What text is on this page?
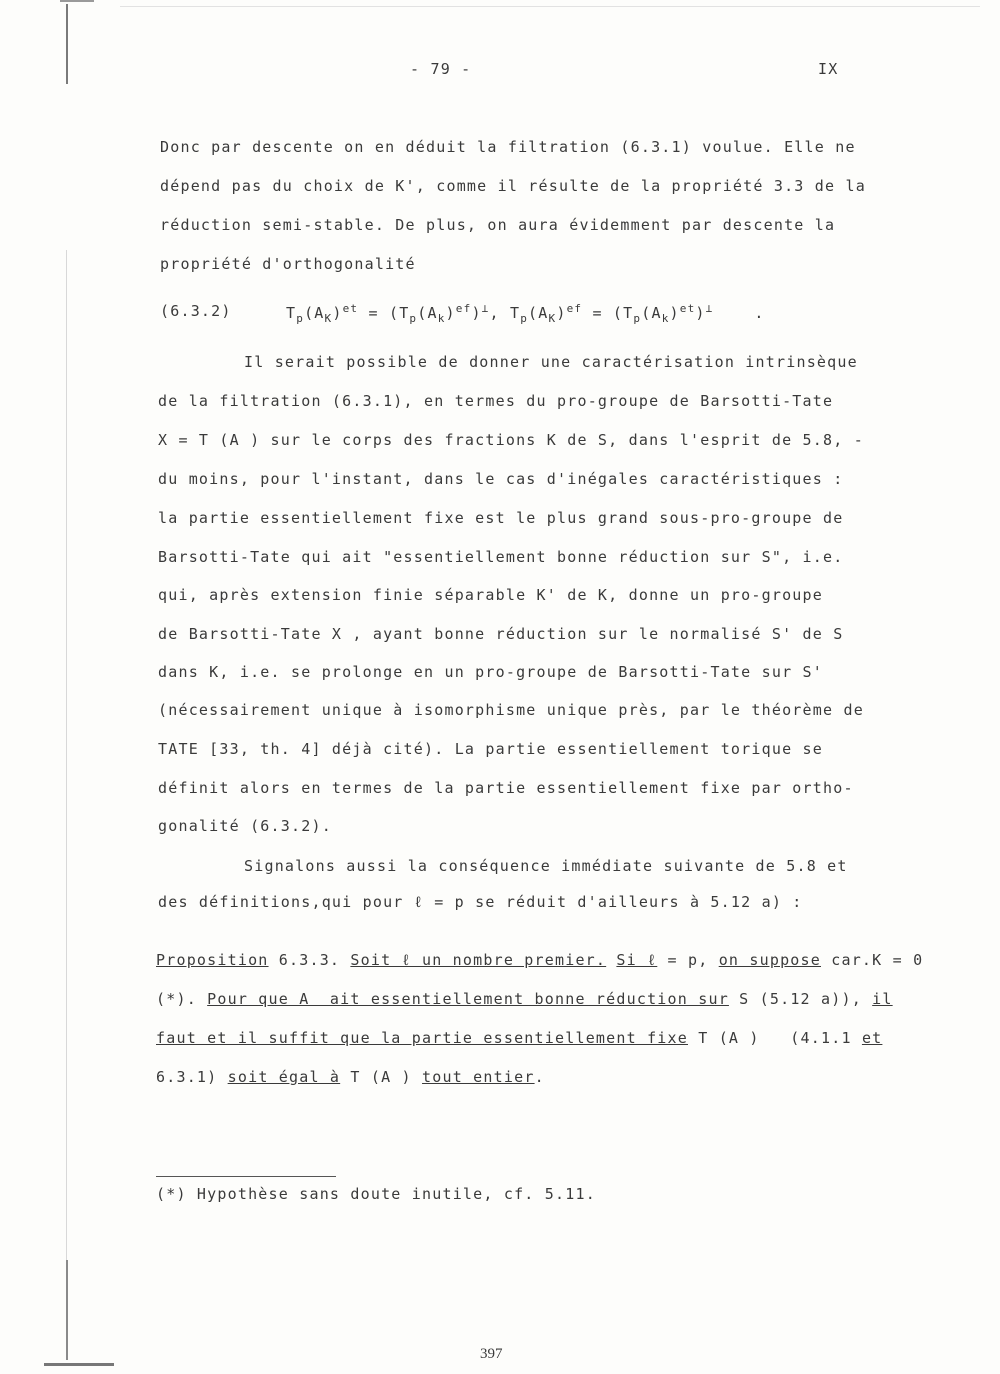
- 79 -	IX
Donc par descente on en déduit la filtration (6.3.1) voulue. Elle ne
dépend pas du choix de K', comme il résulte de la propriété 3.3 de la
réduction semi-stable. De plus, on aura évidemment par descente la
propriété d'orthogonalité

(6.3.2)

	$T_p(A_K)^{et} = (T_p(A_k)^{ef})^\perp$, $T_p(A_K)^{ef} = (T_p(A_k)^{et})^\perp$	.

Il serait possible de donner une caractérisation intrinsèque
de la filtration (6.3.1), en termes du pro-groupe de Barsotti-Tate
X = T (A ) sur le corps des fractions K de S, dans l'esprit de 5.8, -
du moins, pour l'instant, dans le cas d'inégales caractéristiques :
la partie essentiellement fixe est le plus grand sous-pro-groupe de
Barsotti-Tate qui ait "essentiellement bonne réduction sur S", i.e.
qui, après extension finie séparable K' de K, donne un pro-groupe
de Barsotti-Tate X , ayant bonne réduction sur le normalisé S' de S
dans K, i.e. se prolonge en un pro-groupe de Barsotti-Tate sur S'
(nécessairement unique à isomorphisme unique près, par le théorème de
TATE [33, th. 4] déjà cité). La partie essentiellement torique se
définit alors en termes de la partie essentiellement fixe par ortho-
gonalité (6.3.2).
Signalons aussi la conséquence immédiate suivante de 5.8 et
des définitions,qui pour ℓ = p se réduit d'ailleurs à 5.12 a) :
Proposition 6.3.3. Soit ℓ un nombre premier. Si ℓ = p, on suppose car.K = 0
(*). Pour que A  ait essentiellement bonne réduction sur S (5.12 a)), il
faut et il suffit que la partie essentiellement fixe T (A )   (4.1.1 et
6.3.1) soit égal à T (A ) tout entier.
(*) Hypothèse sans doute inutile, cf. 5.11.
397
